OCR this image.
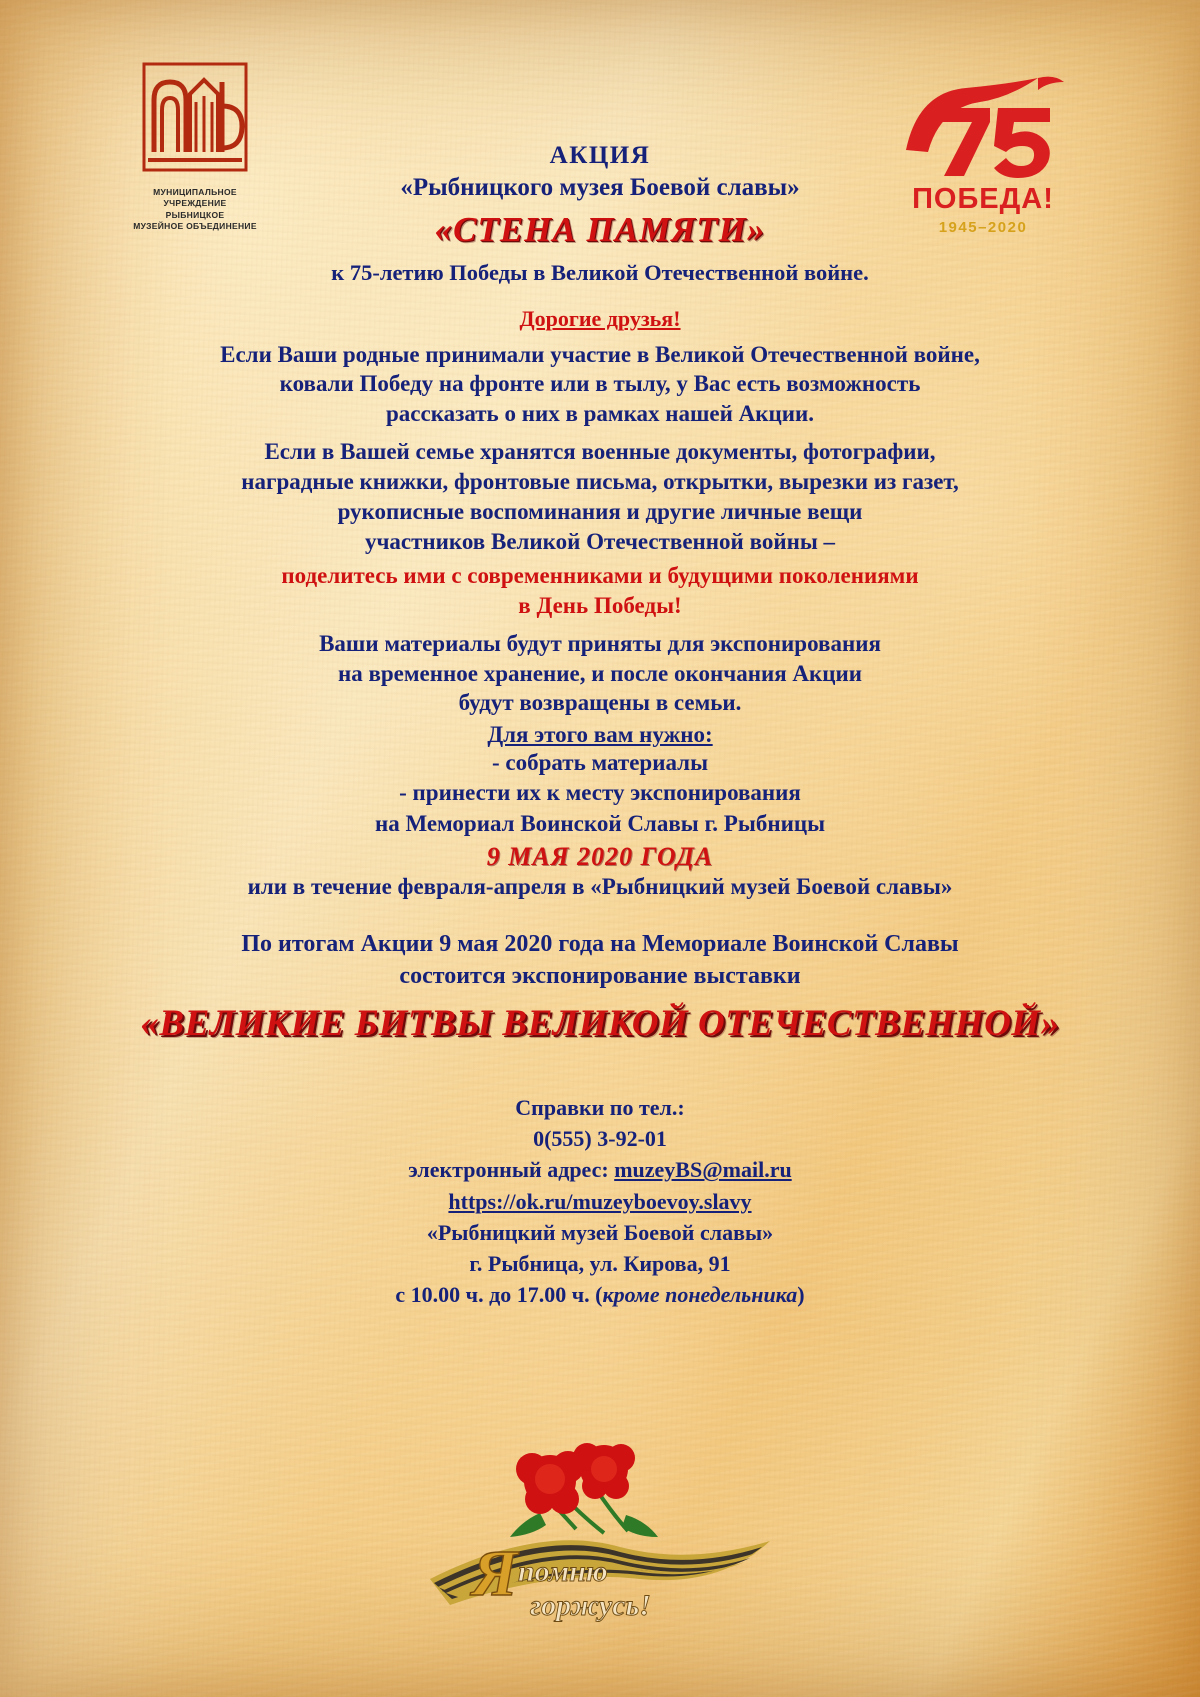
МУНИЦИПАЛЬНОЕ УЧРЕЖДЕНИЕ
РЫБНИЦКОЕ
МУЗЕЙНОЕ ОБЪЕДИНЕНИЕ
ПОБЕДА!
1945–2020
АКЦИЯ
«Рыбницкого музея Боевой славы»
«СТЕНА ПАМЯТИ»
к 75-летию Победы в Великой Отечественной войне.
Дорогие друзья!
Если Ваши родные принимали участие в Великой Отечественной войне,
ковали Победу на фронте или в тылу, у Вас есть возможность
рассказать о них в рамках нашей Акции.
Если в Вашей семье хранятся военные документы, фотографии,
наградные книжки, фронтовые письма, открытки, вырезки из газет,
рукописные воспоминания и другие личные вещи
участников Великой Отечественной войны –
поделитесь ими с современниками и будущими поколениями
в День Победы!
Ваши материалы будут приняты для экспонирования
на временное хранение, и после окончания Акции
будут возвращены в семьи.
Для этого вам нужно:
- собрать материалы
- принести их к месту экспонирования
на Мемориал Воинской Славы г. Рыбницы
9 МАЯ 2020 ГОДА
или в течение февраля-апреля в «Рыбницкий музей Боевой славы»
По итогам Акции 9 мая 2020 года на Мемориале Воинской Славы
состоится экспонирование выставки
«ВЕЛИКИЕ БИТВЫ ВЕЛИКОЙ ОТЕЧЕСТВЕННОЙ»
Справки по тел.:
0(555) 3-92-01
электронный адрес: muzeyBS@mail.ru
https://ok.ru/muzeyboevoy.slavy
«Рыбницкий музей Боевой славы»
г. Рыбница, ул. Кирова, 91
с 10.00 ч. до 17.00 ч. (кроме понедельника)
Я помню
горжусь!
